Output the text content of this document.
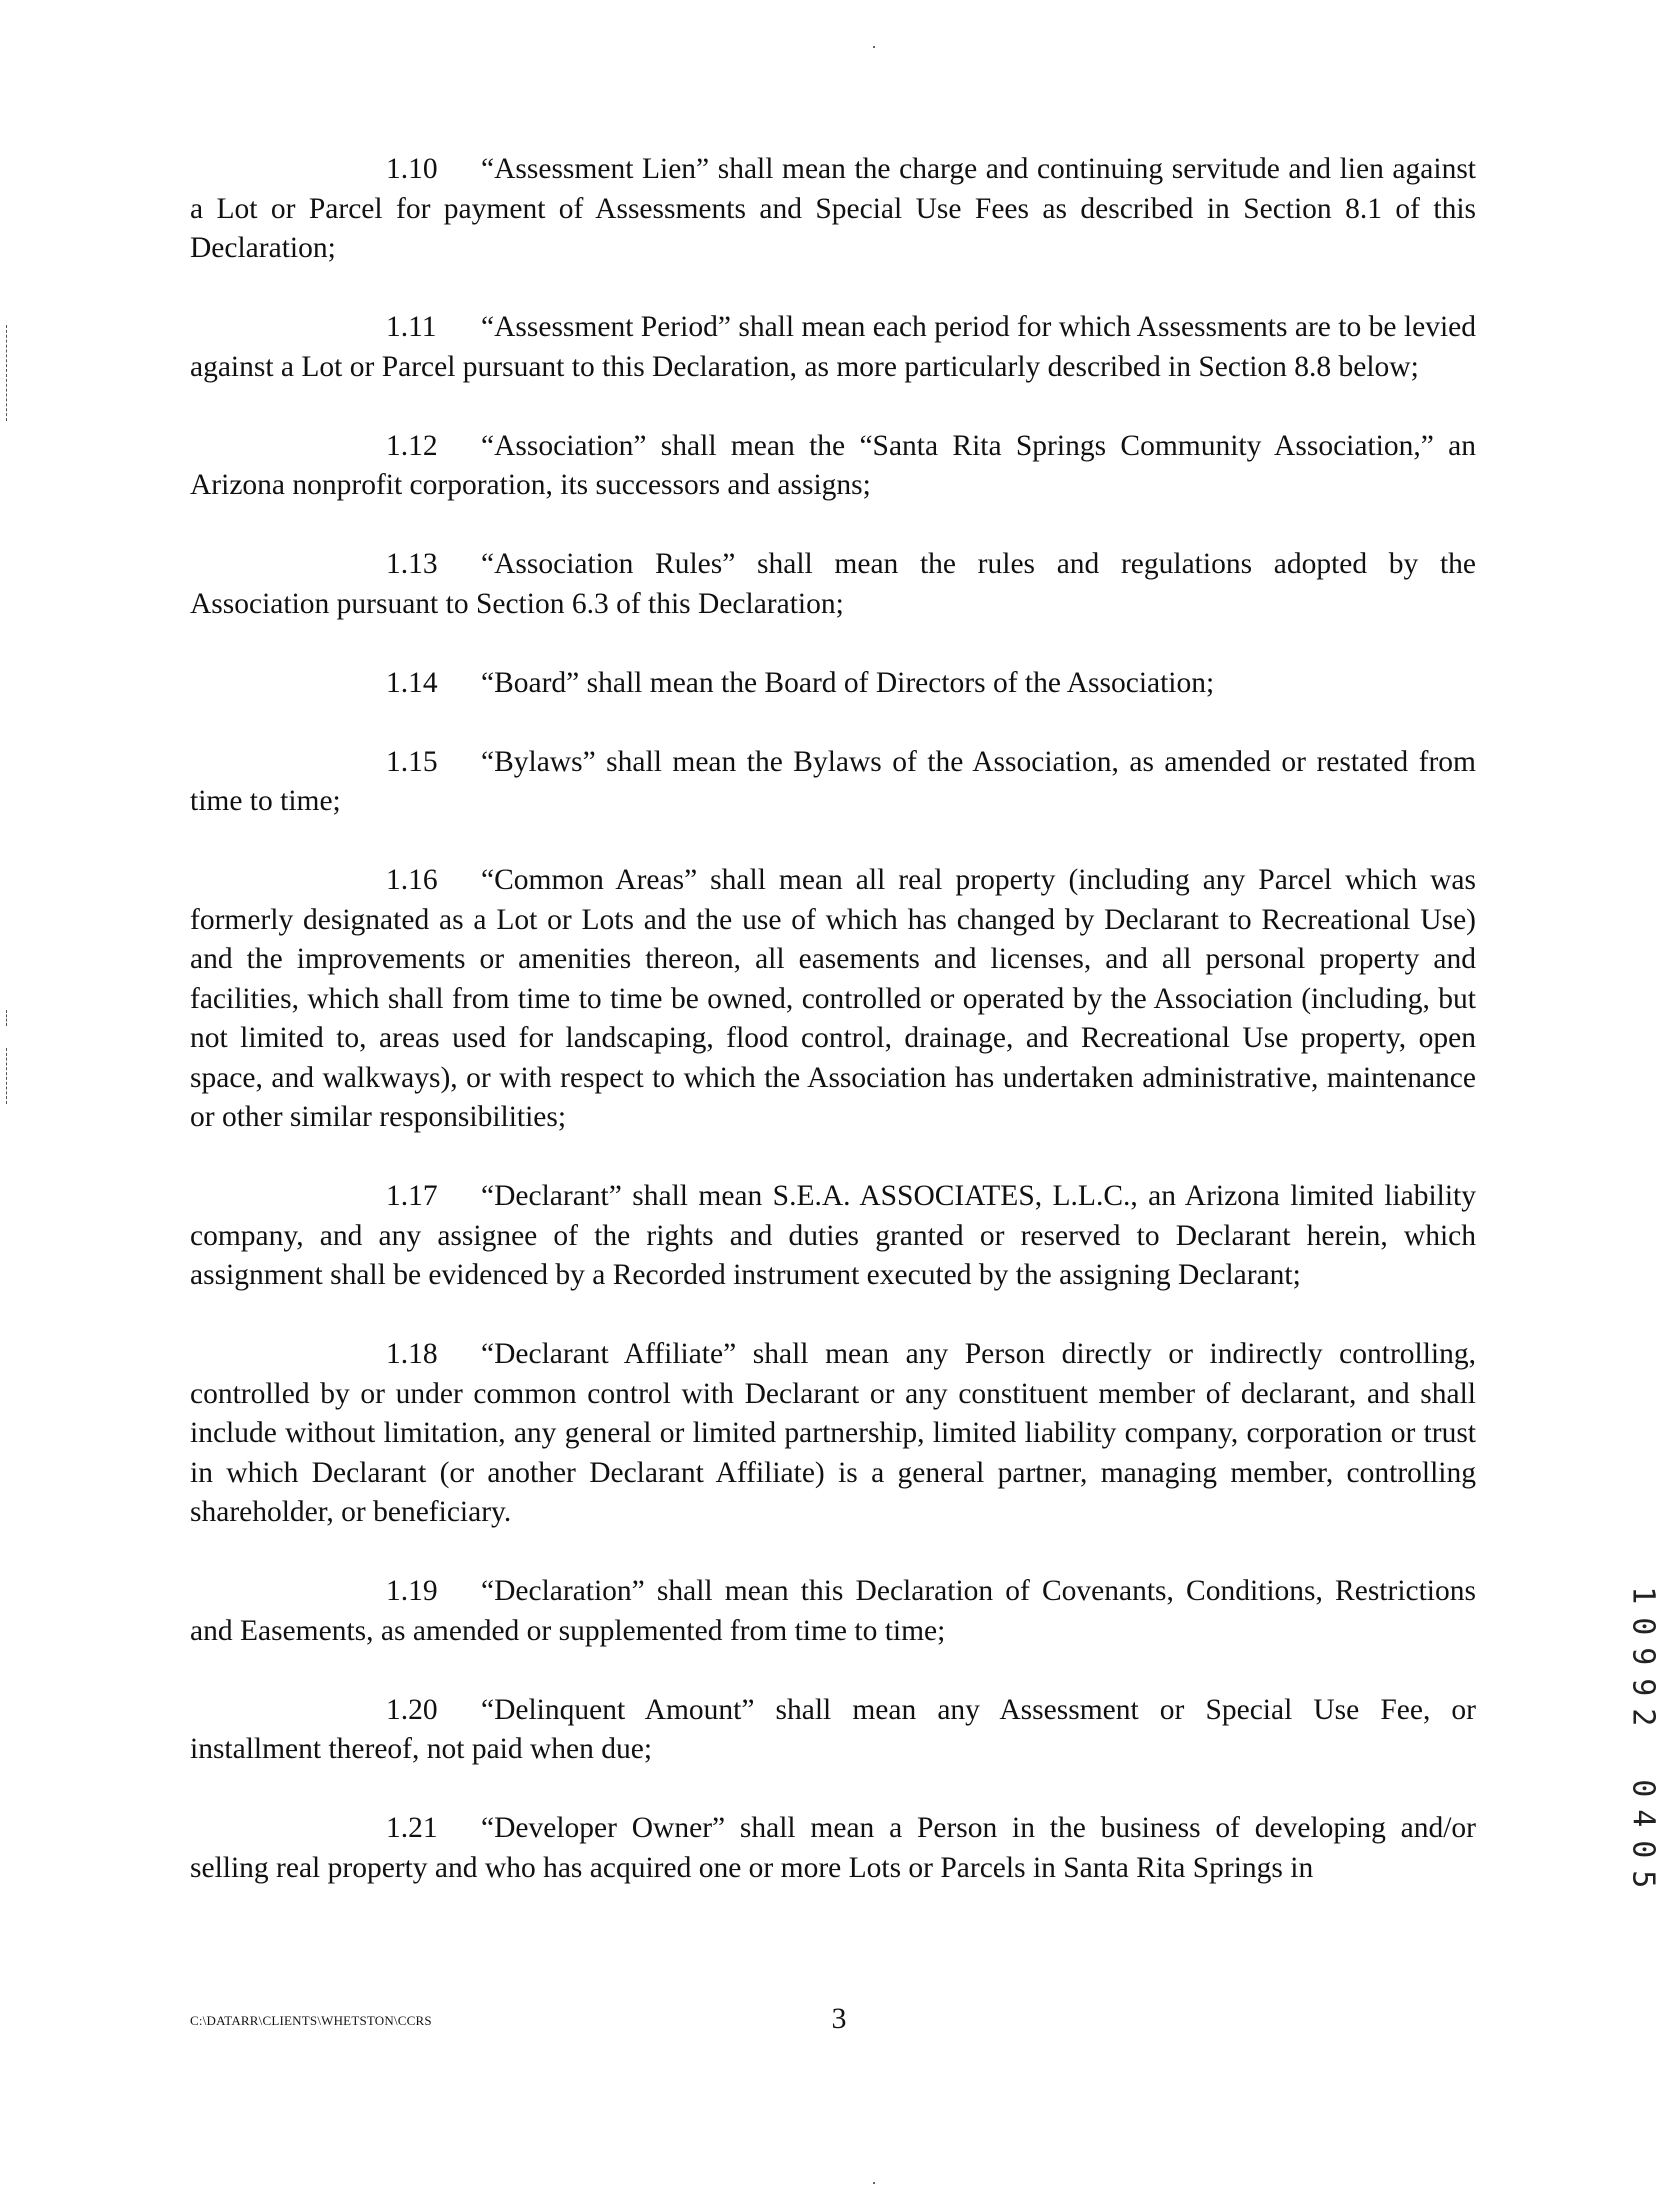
1.10 “Assessment Lien” shall mean the charge and continuing servitude and lien against a Lot or Parcel for payment of Assessments and Special Use Fees as described in Section 8.1 of this Declaration;

1.11 “Assessment Period” shall mean each period for which Assessments are to be levied against a Lot or Parcel pursuant to this Declaration, as more particularly described in Section 8.8 below;

1.12 “Association” shall mean the “Santa Rita Springs Community Association,” an Arizona nonprofit corporation, its successors and assigns;

1.13 “Association Rules” shall mean the rules and regulations adopted by the Association pursuant to Section 6.3 of this Declaration;

1.14 “Board” shall mean the Board of Directors of the Association;

1.15 “Bylaws” shall mean the Bylaws of the Association, as amended or restated from time to time;

1.16 “Common Areas” shall mean all real property (including any Parcel which was formerly designated as a Lot or Lots and the use of which has changed by Declarant to Recreational Use) and the improvements or amenities thereon, all easements and licenses, and all personal property and facilities, which shall from time to time be owned, controlled or operated by the Association (including, but not limited to, areas used for landscaping, flood control, drainage, and Recreational Use property, open space, and walkways), or with respect to which the Association has undertaken administrative, maintenance or other similar responsibilities;

1.17 “Declarant” shall mean S.E.A. ASSOCIATES, L.L.C., an Arizona limited liability company, and any assignee of the rights and duties granted or reserved to Declarant herein, which assignment shall be evidenced by a Recorded instrument executed by the assigning Declarant;

1.18 “Declarant Affiliate” shall mean any Person directly or indirectly controlling, controlled by or under common control with Declarant or any constituent member of declarant, and shall include without limitation, any general or limited partnership, limited liability company, corporation or trust in which Declarant (or another Declarant Affiliate) is a general partner, managing member, controlling shareholder, or beneficiary.

1.19 “Declaration” shall mean this Declaration of Covenants, Conditions, Restrictions and Easements, as amended or supplemented from time to time;

1.20 “Delinquent Amount” shall mean any Assessment or Special Use Fee, or installment thereof, not paid when due;

1.21 “Developer Owner” shall mean a Person in the business of developing and/or selling real property and who has acquired one or more Lots or Parcels in Santa Rita Springs in

1
0
9
9
2
0
4
0
5
3
C:\DATARR\CLIENTS\WHETSTON\CCRS
